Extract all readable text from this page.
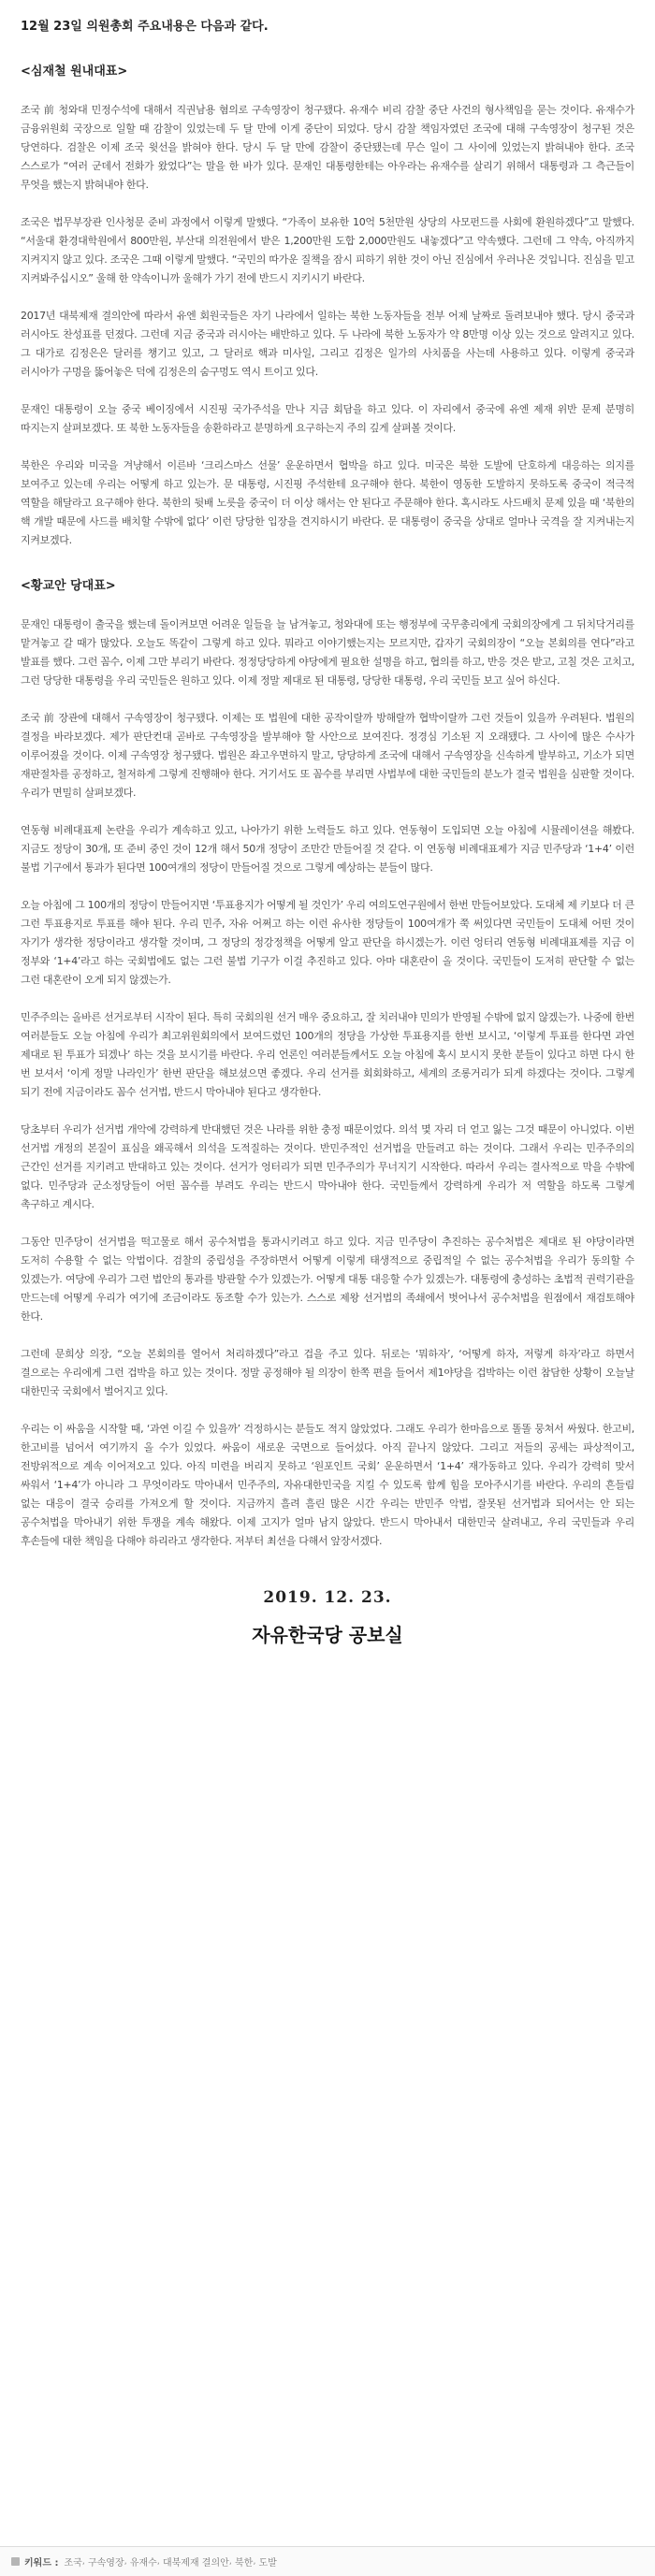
12월 23일 의원총회 주요내용은 다음과 같다.

<심재철 원내대표>

조국 前 청와대 민정수석에 대해서 직권남용 혐의로 구속영장이 청구됐다. 유재수 비리 감찰 중단 사건의 형사책임을 묻는 것이다. 유재수가 금융위원회 국장으로 일할 때 감찰이 있었는데 두 달 만에 이게 중단이 되었다. 당시 감찰 책임자였던 조국에 대해 구속영장이 청구된 것은 당연하다. 검찰은 이제 조국 윗선을 밝혀야 한다. 당시 두 달 만에 감찰이 중단됐는데 무슨 일이 그 사이에 있었는지 밝혀내야 한다. 조국 스스로가 “여러 군데서 전화가 왔었다”는 말을 한 바가 있다. 문재인 대통령한테는 아우라는 유재수를 살리기 위해서 대통령과 그 측근들이 무엇을 했는지 밝혀내야 한다.

조국은 법무부장관 인사청문 준비 과정에서 이렇게 말했다. “가족이 보유한 10억 5천만원 상당의 사모펀드를 사회에 환원하겠다”고 말했다. “서울대 환경대학원에서 800만원, 부산대 의전원에서 받은 1,200만원 도합 2,000만원도 내놓겠다”고 약속했다. 그런데 그 약속, 아직까지 지켜지지 않고 있다. 조국은 그때 이렇게 말했다. “국민의 따가운 질책을 잠시 피하기 위한 것이 아닌 진심에서 우러나온 것입니다. 진심을 믿고 지켜봐주십시오” 울해 한 약속이니까 울해가 가기 전에 반드시 지키시기 바란다.

2017년 대북제재 결의안에 따라서 유엔 회원국들은 자기 나라에서 일하는 북한 노동자들을 전부 어제 날짜로 돌려보내야 했다. 당시 중국과 러시아도 찬성표를 던졌다. 그런데 지금 중국과 러시아는 배반하고 있다. 두 나라에 북한 노동자가 약 8만명 이상 있는 것으로 알려지고 있다. 그 대가로 김정은은 달러를 챙기고 있고, 그 달러로 핵과 미사일, 그리고 김정은 일가의 사치품을 사는데 사용하고 있다. 이렇게 중국과 러시아가 구멍을 뚫어놓은 덕에 김정은의 숨구멍도 역시 트이고 있다.

문재인 대통령이 오늘 중국 베이징에서 시진핑 국가주석을 만나 지금 회담을 하고 있다. 이 자리에서 중국에 유엔 제재 위반 문제 분명히 따지는지 살펴보겠다. 또 북한 노동자들을 송환하라고 분명하게 요구하는지 주의 깊게 살펴볼 것이다.

북한은 우리와 미국을 겨냥해서 이른바 ‘크리스마스 선물’ 운운하면서 협박을 하고 있다. 미국은 북한 도발에 단호하게 대응하는 의지를 보여주고 있는데 우리는 어떻게 하고 있는가. 문 대통령, 시진핑 주석한테 요구해야 한다. 북한이 영동한 도발하지 못하도록 중국이 적극적 역할을 해달라고 요구해야 한다. 북한의 뒷배 노릇을 중국이 더 이상 해서는 안 된다고 주문해야 한다. 혹시라도 사드배치 문제 있을 때 ‘북한의 핵 개발 때문에 사드를 배치할 수밖에 없다’ 이런 당당한 입장을 견지하시기 바란다. 문 대통령이 중국을 상대로 얼마나 국격을 잘 지켜내는지 지켜보겠다.

<황교안 당대표>

문재인 대통령이 출국을 했는데 돌이켜보면 어려운 일들을 늘 남겨놓고, 청와대에 또는 행정부에 국무총리에게 국회의장에게 그 뒤치닥거리를 맡겨놓고 갈 때가 많았다. 오늘도 똑같이 그렇게 하고 있다. 뭐라고 이야기했는지는 모르지만, 갑자기 국회의장이 “오늘 본회의를 연다”라고 발표를 했다. 그런 꼼수, 이제 그만 부리기 바란다. 정정당당하게 야당에게 필요한 설명을 하고, 협의를 하고, 반응 것은 받고, 고칠 것은 고치고, 그런 당당한 대통령을 우리 국민들은 원하고 있다. 이제 정말 제대로 된 대통령, 당당한 대통령, 우리 국민들 보고 싶어 하신다.

조국 前 장관에 대해서 구속영장이 청구됐다. 이제는 또 법원에 대한 공작이랄까 방해랄까 협박이랄까 그런 것들이 있을까 우려된다. 법원의 결정을 바라보겠다. 제가 판단컨대 곧바로 구속영장을 발부해야 할 사안으로 보여진다. 정경심 기소된 지 오래됐다. 그 사이에 많은 수사가 이루어졌을 것이다. 이제 구속영장 청구됐다. 법원은 좌고우면하지 말고, 당당하게 조국에 대해서 구속영장을 신속하게 발부하고, 기소가 되면 재판절차를 공정하고, 철저하게 그렇게 진행해야 한다. 거기서도 또 꼼수를 부리면 사법부에 대한 국민들의 분노가 결국 법원을 심판할 것이다. 우리가 면밀히 살펴보겠다.

연동형 비례대표제 논란을 우리가 계속하고 있고, 나아가기 위한 노력들도 하고 있다. 연동형이 도입되면 오늘 아침에 시뮬레이션을 해봤다. 지금도 정당이 30개, 또 준비 중인 것이 12개 해서 50개 정당이 조만간 만들어질 것 같다. 이 연동형 비례대표제가 지금 민주당과 ‘1+4’ 이런 불법 기구에서 통과가 된다면 100여개의 정당이 만들어질 것으로 그렇게 예상하는 분들이 많다.

오늘 아침에 그 100개의 정당이 만들어지면 ‘투표용지가 어떻게 될 것인가’ 우리 여의도연구원에서 한번 만들어보았다. 도대체 제 키보다 더 큰 그런 투표용지로 투표를 해야 된다. 우리 민주, 자유 어쩌고 하는 이런 유사한 정당들이 100여개가 쭉 써있다면 국민들이 도대체 어떤 것이 자기가 생각한 정당이라고 생각할 것이며, 그 정당의 정강정책을 어떻게 알고 판단을 하시겠는가. 이런 엉터리 연동형 비례대표제를 지금 이 정부와 ‘1+4’라고 하는 국회법에도 없는 그런 불법 기구가 이걸 추진하고 있다. 아마 대혼란이 올 것이다. 국민들이 도저히 판단할 수 없는 그런 대혼란이 오게 되지 않겠는가.

민주주의는 올바른 선거로부터 시작이 된다. 특히 국회의원 선거 매우 중요하고, 잘 치러내야 민의가 반영될 수밖에 없지 않겠는가. 나중에 한번 여러분들도 오늘 아침에 우리가 최고위원회의에서 보여드렸던 100개의 정당을 가상한 투표용지를 한번 보시고, ‘이렇게 투표를 한다면 과연 제대로 된 투표가 되겠나’ 하는 것을 보시기를 바란다. 우리 언론인 여러분들께서도 오늘 아침에 혹시 보시지 못한 분들이 있다고 하면 다시 한 번 보셔서 ‘이게 정말 나라인가’ 한번 판단을 해보셨으면 좋겠다. 우리 선거를 회회화하고, 세계의 조롱거리가 되게 하겠다는 것이다. 그렇게 되기 전에 지금이라도 꼼수 선거법, 반드시 막아내야 된다고 생각한다.

당초부터 우리가 선거법 개악에 강력하게 반대했던 것은 나라를 위한 충정 때문이었다. 의석 몇 자리 더 얻고 잃는 그것 때문이 아니었다. 이번 선거법 개정의 본질이 표심을 왜곡해서 의석을 도적질하는 것이다. 반민주적인 선거법을 만들려고 하는 것이다. 그래서 우리는 민주주의의 근간인 선거를 지키려고 반대하고 있는 것이다. 선거가 엉터리가 되면 민주주의가 무너지기 시작한다. 따라서 우리는 결사적으로 막을 수밖에 없다. 민주당과 군소정당들이 어떤 꼼수를 부려도 우리는 반드시 막아내야 한다. 국민들께서 강력하게 우리가 저 역할을 하도록 그렇게 촉구하고 계시다.

그동안 민주당이 선거법을 떡고물로 해서 공수처법을 통과시키려고 하고 있다. 지금 민주당이 추진하는 공수처법은 제대로 된 야당이라면 도저히 수용할 수 없는 악법이다. 검찰의 중립성을 주장하면서 어떻게 이렇게 태생적으로 중립적일 수 없는 공수처법을 우리가 동의할 수 있겠는가. 여당에 우리가 그런 법안의 통과를 방관할 수가 있겠는가. 어떻게 대통 대응할 수가 있겠는가. 대통령에 충성하는 초법적 권력기관을 만드는데 어떻게 우리가 여기에 조금이라도 동조할 수가 있는가. 스스로 제왕 선거법의 족쇄에서 벗어나서 공수처법을 원점에서 재검토해야 한다.

그런데 문희상 의장, “오늘 본회의를 열어서 처리하겠다”라고 겁을 주고 있다. 뒤로는 ‘뭐하자’, ‘어떻게 하자, 저렇게 하자’라고 하면서 결으로는 우리에게 그런 겁박을 하고 있는 것이다. 정말 공정해야 될 의장이 한쪽 편을 들어서 제1야당을 겁박하는 이런 참담한 상황이 오늘날 대한민국 국회에서 벌어지고 있다.

우리는 이 싸움을 시작할 때, ‘과연 이길 수 있을까’ 걱정하시는 분들도 적지 않았었다. 그래도 우리가 한마음으로 똘똘 뭉쳐서 싸웠다. 한고비, 한고비를 넘어서 여기까지 올 수가 있었다. 싸움이 새로운 국면으로 들어섰다. 아직 끝나지 않았다. 그리고 저들의 공세는 파상적이고, 전방위적으로 계속 이어져오고 있다. 아직 미련을 버리지 못하고 ‘원포인트 국회’ 운운하면서 ‘1+4’ 재가동하고 있다. 우리가 강력히 맞서 싸워서 ‘1+4’가 아니라 그 무엇이라도 막아내서 민주주의, 자유대한민국을 지킬 수 있도록 함께 힘을 모아주시기를 바란다. 우리의 흔들림 없는 대응이 결국 승리를 가져오게 할 것이다. 지금까지 흘려 흘린 많은 시간 우리는 반민주 악법, 잘못된 선거법과 되어서는 안 되는 공수처법을 막아내기 위한 투쟁을 계속 해왔다. 이제 고지가 얼마 남지 않았다. 반드시 막아내서 대한민국 살려내고, 우리 국민들과 우리 후손들에 대한 책임을 다해야 하리라고 생각한다. 저부터 최선을 다해서 앞장서겠다.

2019. 12. 23.

자유한국당 공보실

키워드 : 조국 , 구속영장 , 유재수 , 대북제재 결의안 , 북한 , 도발
